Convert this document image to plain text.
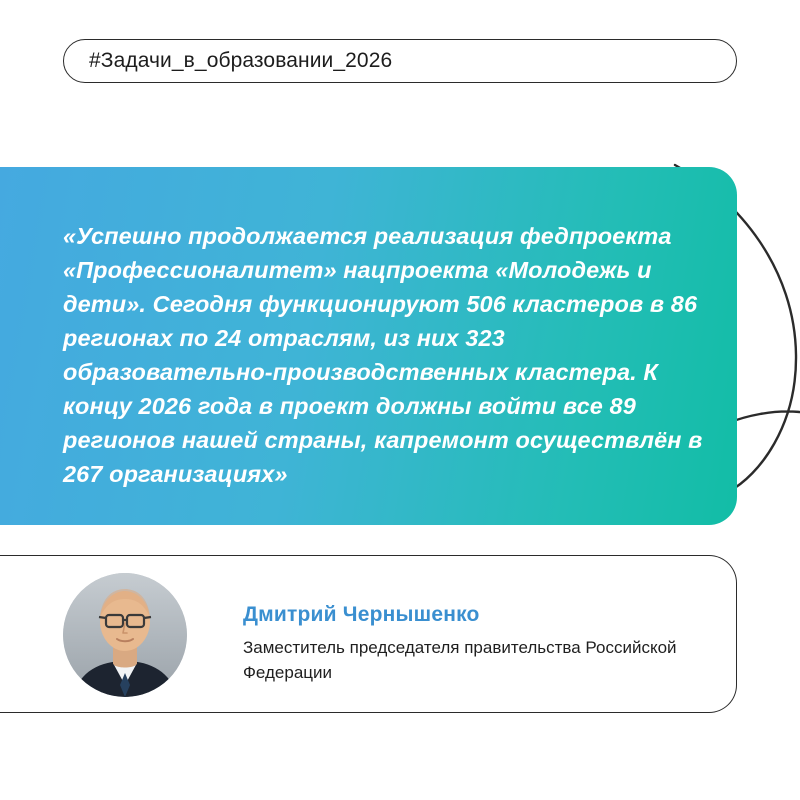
#Задачи_в_образовании_2026
«Успешно продолжается реализация федпроекта «Профессионалитет» нацпроекта «Молодежь и дети». Сегодня функционируют 506 кластеров в 86 регионах по 24 отраслям, из них 323 образовательно-производственных кластера. К концу 2026 года в проект должны войти все 89 регионов нашей страны, капремонт осуществлён в 267 организациях»
Дмитрий Чернышенко
Заместитель председателя правительства Российской Федерации
